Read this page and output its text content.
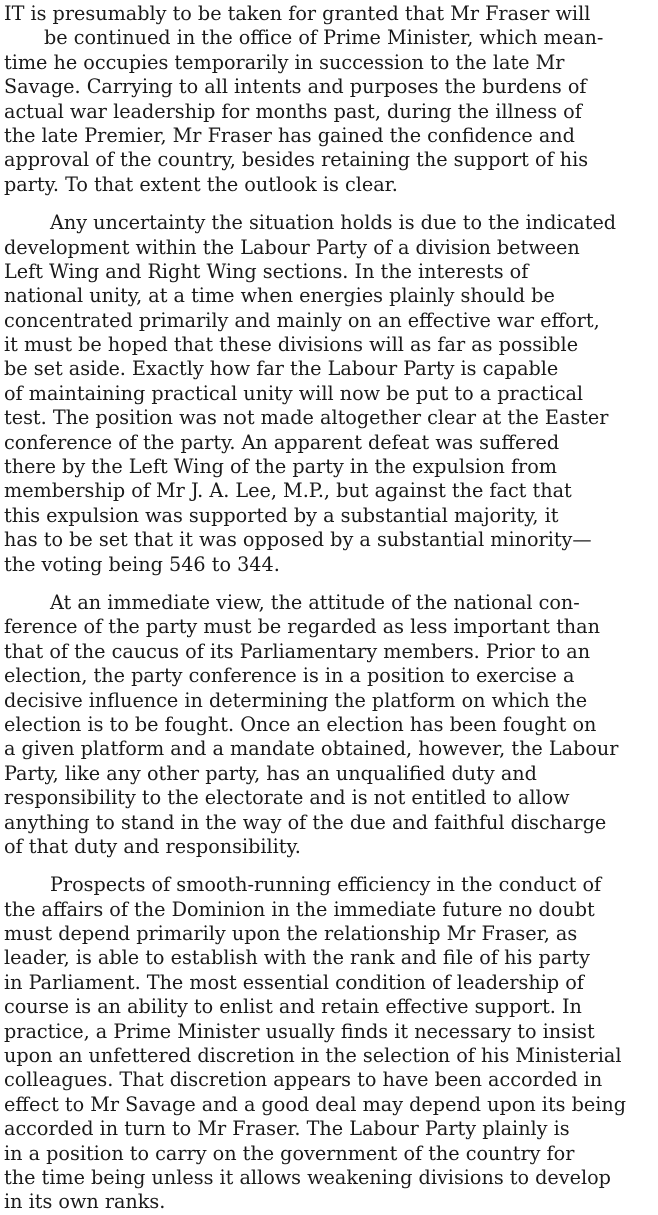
IT is presumably to be taken for granted that Mr Fraser will
be continued in the office of Prime Minister, which mean-
time he occupies temporarily in succession to the late Mr
Savage. Carrying to all intents and purposes the burdens of
actual war leadership for months past, during the illness of
the late Premier, Mr Fraser has gained the confidence and
approval of the country, besides retaining the support of his
party. To that extent the outlook is clear.

Any uncertainty the situation holds is due to the indicated
development within the Labour Party of a division between
Left Wing and Right Wing sections. In the interests of
national unity, at a time when energies plainly should be
concentrated primarily and mainly on an effective war effort,
it must be hoped that these divisions will as far as possible
be set aside. Exactly how far the Labour Party is capable
of maintaining practical unity will now be put to a practical
test. The position was not made altogether clear at the Easter
conference of the party. An apparent defeat was suffered
there by the Left Wing of the party in the expulsion from
membership of Mr J. A. Lee, M.P., but against the fact that
this expulsion was supported by a substantial majority, it
has to be set that it was opposed by a substantial minority—
the voting being 546 to 344.

At an immediate view, the attitude of the national con-
ference of the party must be regarded as less important than
that of the caucus of its Parliamentary members. Prior to an
election, the party conference is in a position to exercise a
decisive influence in determining the platform on which the
election is to be fought. Once an election has been fought on
a given platform and a mandate obtained, however, the Labour
Party, like any other party, has an unqualified duty and
responsibility to the electorate and is not entitled to allow
anything to stand in the way of the due and faithful discharge
of that duty and responsibility.

Prospects of smooth-running efficiency in the conduct of
the affairs of the Dominion in the immediate future no doubt
must depend primarily upon the relationship Mr Fraser, as
leader, is able to establish with the rank and file of his party
in Parliament. The most essential condition of leadership of
course is an ability to enlist and retain effective support. In
practice, a Prime Minister usually finds it necessary to insist
upon an unfettered discretion in the selection of his Ministerial
colleagues. That discretion appears to have been accorded in
effect to Mr Savage and a good deal may depend upon its being
accorded in turn to Mr Fraser. The Labour Party plainly is
in a position to carry on the government of the country for
the time being unless it allows weakening divisions to develop
in its own ranks.
